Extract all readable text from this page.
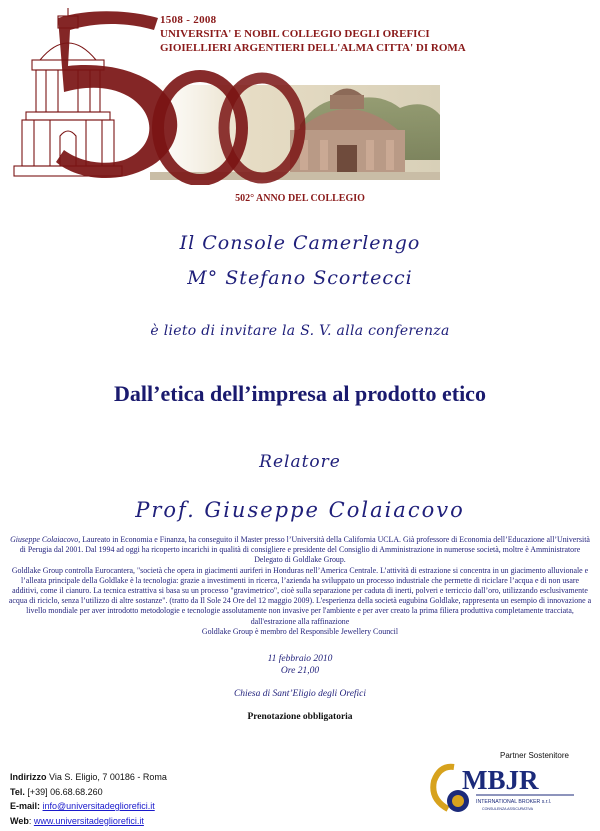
1508 - 2008
UNIVERSITA' E NOBIL COLLEGIO DEGLI OREFICI
GIOIELLIERI ARGENTIERI DELL'ALMA CITTA' DI ROMA
502° ANNO DEL COLLEGIO
Il Console Camerlengo
M° Stefano Scortecci
è lieto di invitare la S. V. alla conferenza
Dall’etica dell’impresa al prodotto etico
Relatore
Prof. Giuseppe Colaiacovo

Giuseppe Colaiacovo, Laureato in Economia e Finanza, ha conseguito il Master presso l’Università della California UCLA. Già professore di Economia dell’Educazione all’Università di Perugia dal 2001. Dal 1994 ad oggi ha ricoperto incarichi in qualità di consigliere e presidente del Consiglio di Amministrazione in numerose società, moltre è Amministratore Delegato di Goldlake Group.

Goldlake Group controlla Eurocantera, "società che opera in giacimenti auriferi in Honduras nell’America Centrale. L’attività di estrazione si concentra in un giacimento alluvionale e l’alleata principale della Goldlake è la tecnologia: grazie a investimenti in ricerca, l’azienda ha sviluppato un processo industriale che permette di riciclare l’acqua e di non usare additivi, come il cianuro. La tecnica estrattiva si basa su un processo "gravimetrico", cioè sulla separazione per caduta di inerti, polveri e terriccio dall’oro, utilizzando esclusivamente acqua di riciclo, senza l’utilizzo di altre sostanze". (tratto da Il Sole 24 Ore del 12 maggio 2009). L'esperienza della società eugubina Goldlake, rappresenta un esempio di innovazione a livello mondiale per aver introdotto metodologie e tecnologie assolutamente non invasive per l'ambiente e per aver creato la prima filiera produttiva completamente tracciata, dall'estrazione alla raffinazione

Goldlake Group è membro del Responsible Jewellery Council

11 febbraio 2010
Ore 21,00
Chiesa di Sant’Eligio degli Orefici
Prenotazione obbligatoria
Indirizzo Via S. Eligio, 7 00186 - Roma
Tel. [+39] 06.68.68.260
E-mail: info@universitadegliorefici.it
Web: www.universitadegliorefici.it
Partner Sostenitore
MBJR
INTERNATIONAL BROKER s.r.l.
CONSULENZA ASSICURATIVA
